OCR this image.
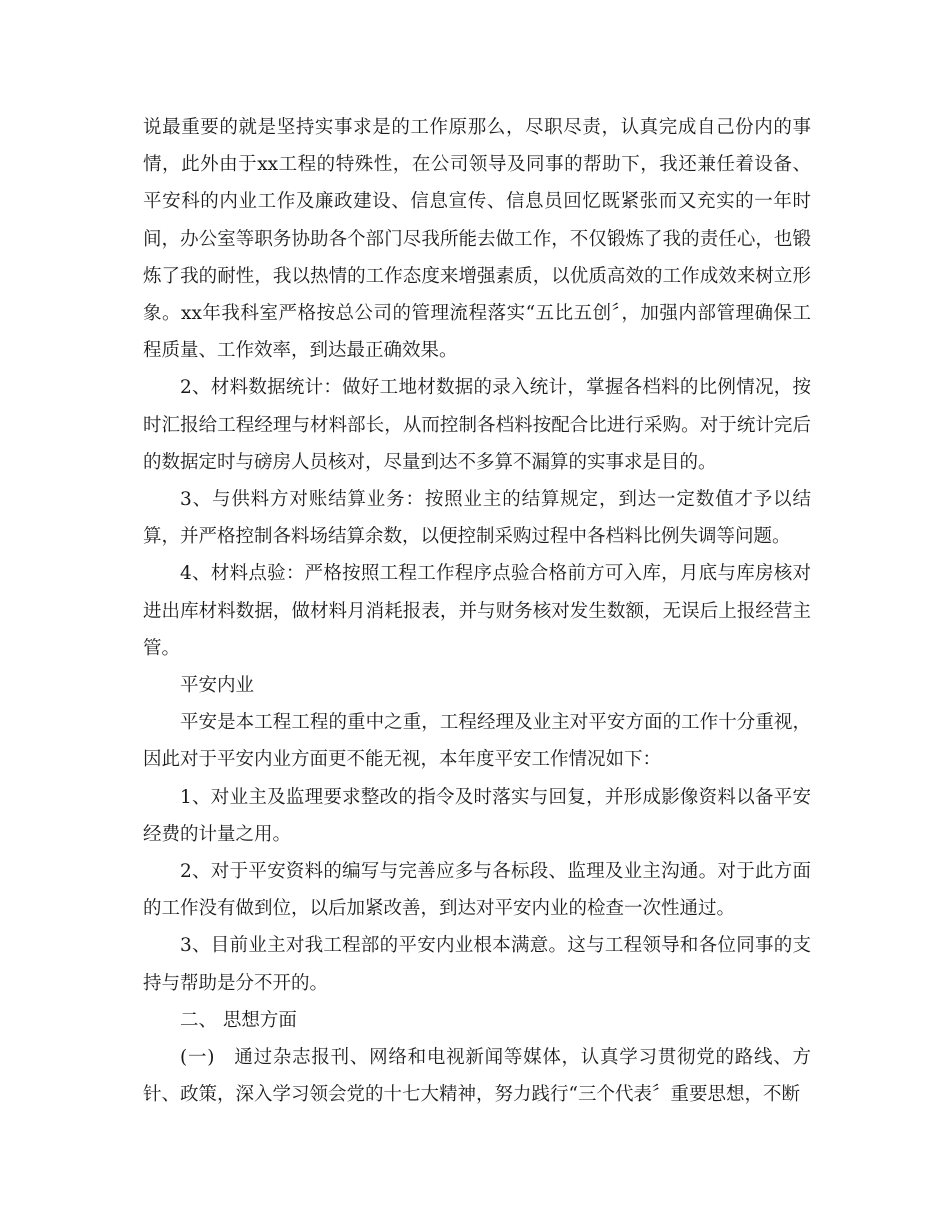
说最重要的就是坚持实事求是的工作原那么，尽职尽责，认真完成自己份内的事情，此外由于xx工程的特殊性，在公司领导及同事的帮助下，我还兼任着设备、平安科的内业工作及廉政建设、信息宣传、信息员回忆既紧张而又充实的一年时间，办公室等职务协助各个部门尽我所能去做工作，不仅锻炼了我的责任心，也锻炼了我的耐性，我以热情的工作态度来增强素质，以优质高效的工作成效来树立形象。xx年我科室严格按总公司的管理流程落实“五比五创〞，加强内部管理确保工程质量、工作效率，到达最正确效果。

2、材料数据统计：做好工地材数据的录入统计，掌握各档料的比例情况，按时汇报给工程经理与材料部长，从而控制各档料按配合比进行采购。对于统计完后的数据定时与磅房人员核对，尽量到达不多算不漏算的实事求是目的。

3、与供料方对账结算业务：按照业主的结算规定，到达一定数值才予以结算，并严格控制各料场结算余数，以便控制采购过程中各档料比例失调等问题。

4、材料点验：严格按照工程工作程序点验合格前方可入库，月底与库房核对进出库材料数据，做材料月消耗报表，并与财务核对发生数额，无误后上报经营主管。

平安内业

平安是本工程工程的重中之重，工程经理及业主对平安方面的工作十分重视，因此对于平安内业方面更不能无视，本年度平安工作情况如下：

1、对业主及监理要求整改的指令及时落实与回复，并形成影像资料以备平安经费的计量之用。

2、对于平安资料的编写与完善应多与各标段、监理及业主沟通。对于此方面的工作没有做到位，以后加紧改善，到达对平安内业的检查一次性通过。

3、目前业主对我工程部的平安内业根本满意。这与工程领导和各位同事的支持与帮助是分不开的。

二、 思想方面

(一)　通过杂志报刊、网络和电视新闻等媒体，认真学习贯彻党的路线、方针、政策，深入学习领会党的十七大精神，努力践行“三个代表〞重要思想，不断
